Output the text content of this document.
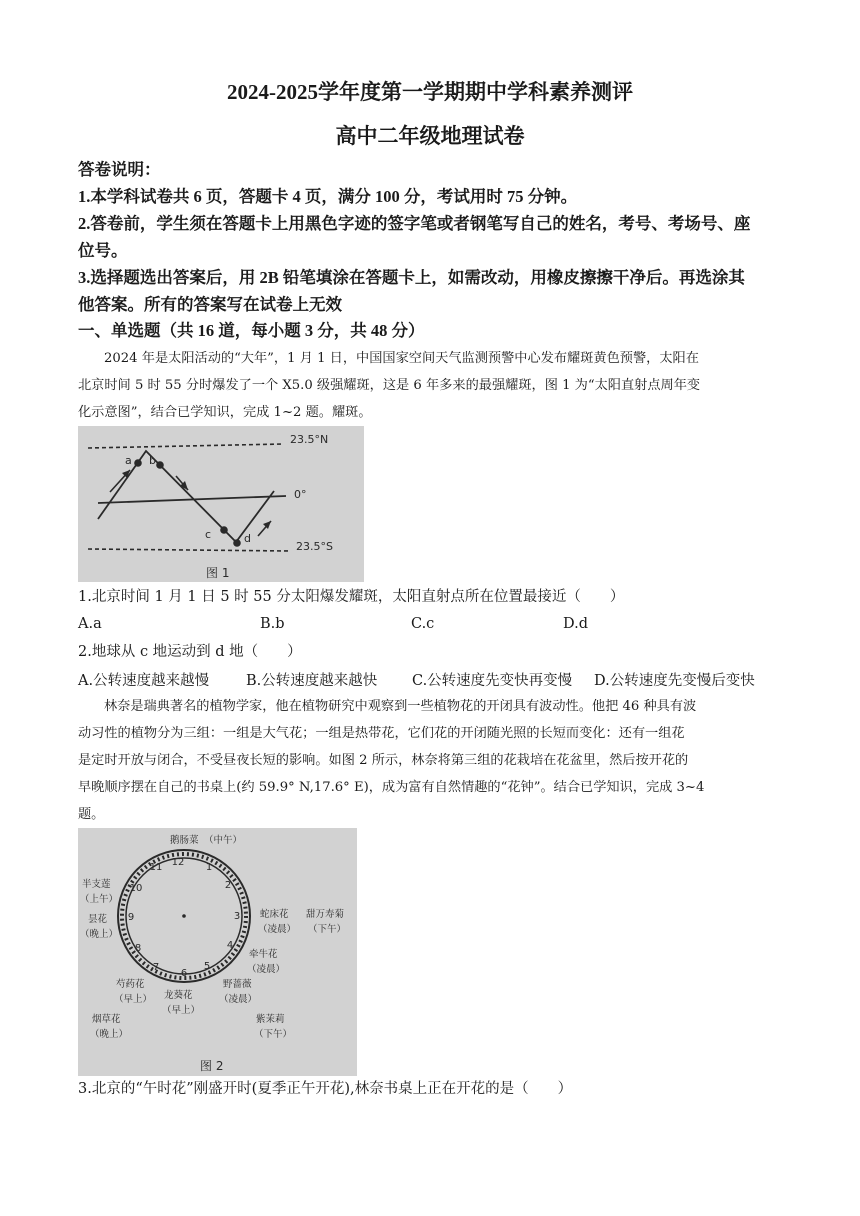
2024-2025学年度第一学期期中学科素养测评
高中二年级地理试卷
答卷说明：
1.本学科试卷共 6 页，答题卡 4 页，满分 100 分，考试用时 75 分钟。
2.答卷前，学生须在答题卡上用黑色字迹的签字笔或者钢笔写自己的姓名，考号、考场号、座
位号。
3.选择题选出答案后，用 2B 铅笔填涂在答题卡上，如需改动，用橡皮擦擦干净后。再选涂其
他答案。所有的答案写在试卷上无效
一、单选题（共 16 道，每小题 3 分，共 48 分）
2024 年是太阳活动的“大年”，1 月 1 日，中国国家空间天气监测预警中心发布耀斑黄色预警，太阳在
北京时间 5 时 55 分时爆发了一个 X5.0 级强耀斑，这是 6 年多来的最强耀斑，图 1 为“太阳直射点周年变
化示意图”，结合已学知识，完成 1~2 题。耀斑。
a b
c	d
23.5°N
0°
23.5°S
图 1
1.北京时间 1 月 1 日 5 时 55 分太阳爆发耀斑，太阳直射点所在位置最接近（　　）
A.a	B.b	C.c	D.d
2.地球从 c 地运动到 d 地（　　）
A.公转速度越来越慢	B.公转速度越来越快 C.公转速度先变快再变慢 D.公转速度先变慢后变快
林奈是瑞典著名的植物学家，他在植物研究中观察到一些植物花的开闭具有波动性。他把 46 种具有波
动习性的植物分为三组：一组是大气花；一组是热带花，它们花的开闭随光照的长短而变化：还有一组花
是定时开放与闭合，不受昼夜长短的影响。如图 2 所示，林奈将第三组的花栽培在花盆里，然后按开花的
早晚顺序摆在自己的书桌上(约 59.9° N,17.6° E)，成为富有自然情趣的“花钟”。结合已学知识，完成 3~4
题。
12 1
2
3
4
5
6
7
8
9
10
11
鹅肠菜 （中午）
半支莲
（上午）
昙花
（晚上）
蛇床花
（凌晨）
甜万寿菊
（下午）
牵牛花
（凌晨）
野蔷薇
（凌晨）
芍药花
（早上） 龙葵花
（早上）
烟草花
（晚上）
紫茉莉
（下午）
图 2
3.北京的“午时花”刚盛开时(夏季正午开花),林奈书桌上正在开花的是（　　）
